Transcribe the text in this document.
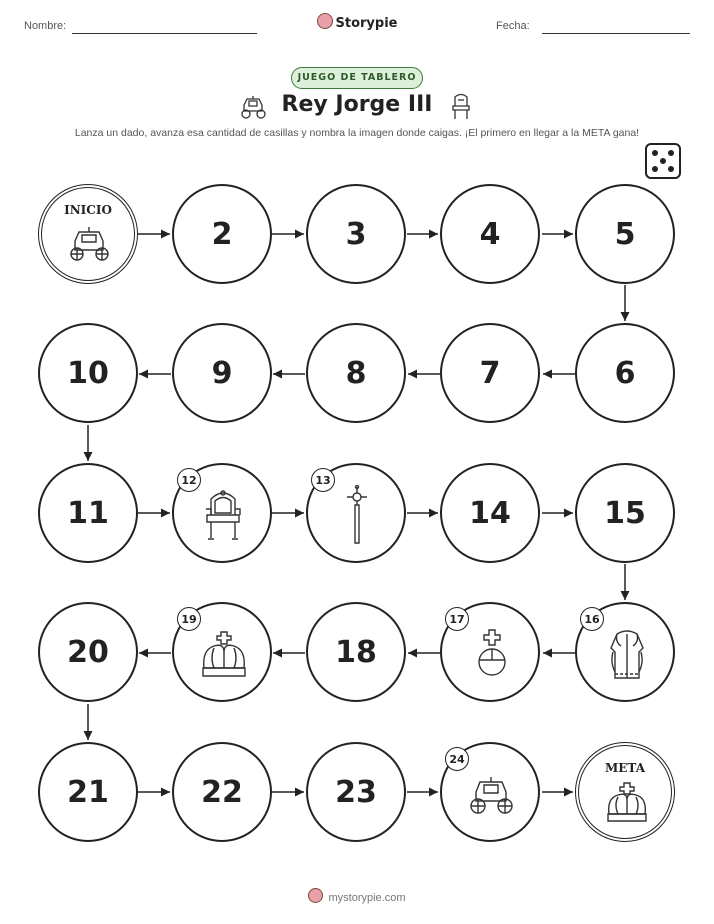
Nombre:	Storypie	Fecha:
JUEGO DE TABLERO
Rey Jorge III
Lanza un dado, avanza esa cantidad de casillas y nombra la imagen donde caigas. ¡El primero en llegar a la META gana!
INICIO
2	3	4	5
6
7
8
9
10
11
12	13
14	15
16
17
18
19
20
21	22	23
24
META
mystorypie.com
